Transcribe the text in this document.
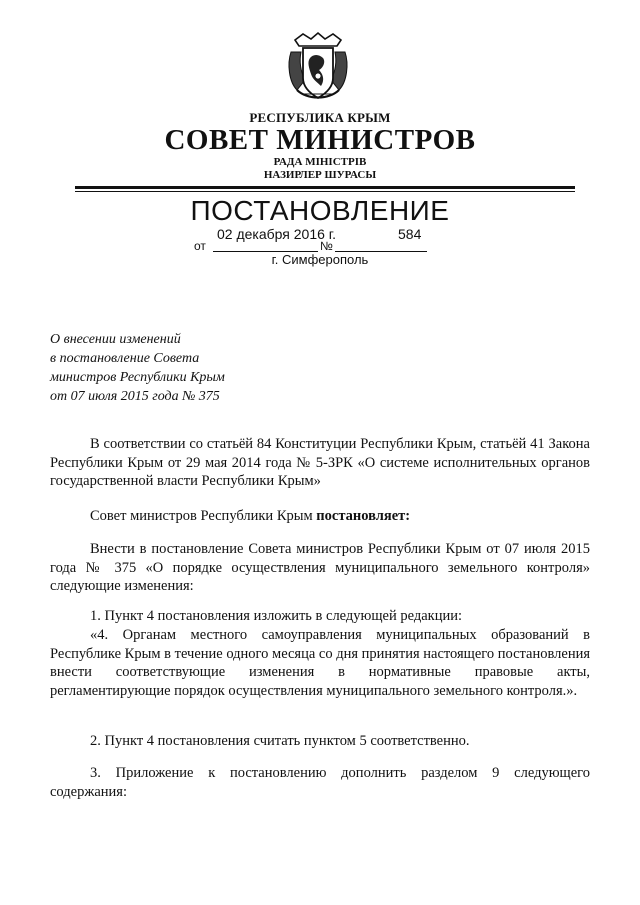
РЕСПУБЛИКА КРЫМ
СОВЕТ МИНИСТРОВ
РАДА МІНІСТРІВ
НАЗИРЛЕР ШУРАСЫ
ПОСТАНОВЛЕНИЕ
02 декабря 2016 г.	584
от	№
г. Симферополь
О внесении изменений
в постановление Совета
министров Республики Крым
от 07 июля 2015 года № 375
В соответствии со статьёй 84 Конституции Республики Крым, статьёй 41 Закона Республики Крым от 29 мая 2014 года № 5-ЗРК «О системе исполнительных органов государственной власти Республики Крым»
Совет министров Республики Крым постановляет:
Внести в постановление Совета министров Республики Крым от 07 июля 2015 года № 375 «О порядке осуществления муниципального земельного контроля» следующие изменения:
1. Пункт 4 постановления изложить в следующей редакции:
«4. Органам местного самоуправления муниципальных образований в Республике Крым в течение одного месяца со дня принятия настоящего постановления внести соответствующие изменения в нормативные правовые акты, регламентирующие порядок осуществления муниципального земельного контроля.».
2. Пункт 4 постановления считать пунктом 5 соответственно.
3. Приложение к постановлению дополнить разделом 9 следующего содержания:
